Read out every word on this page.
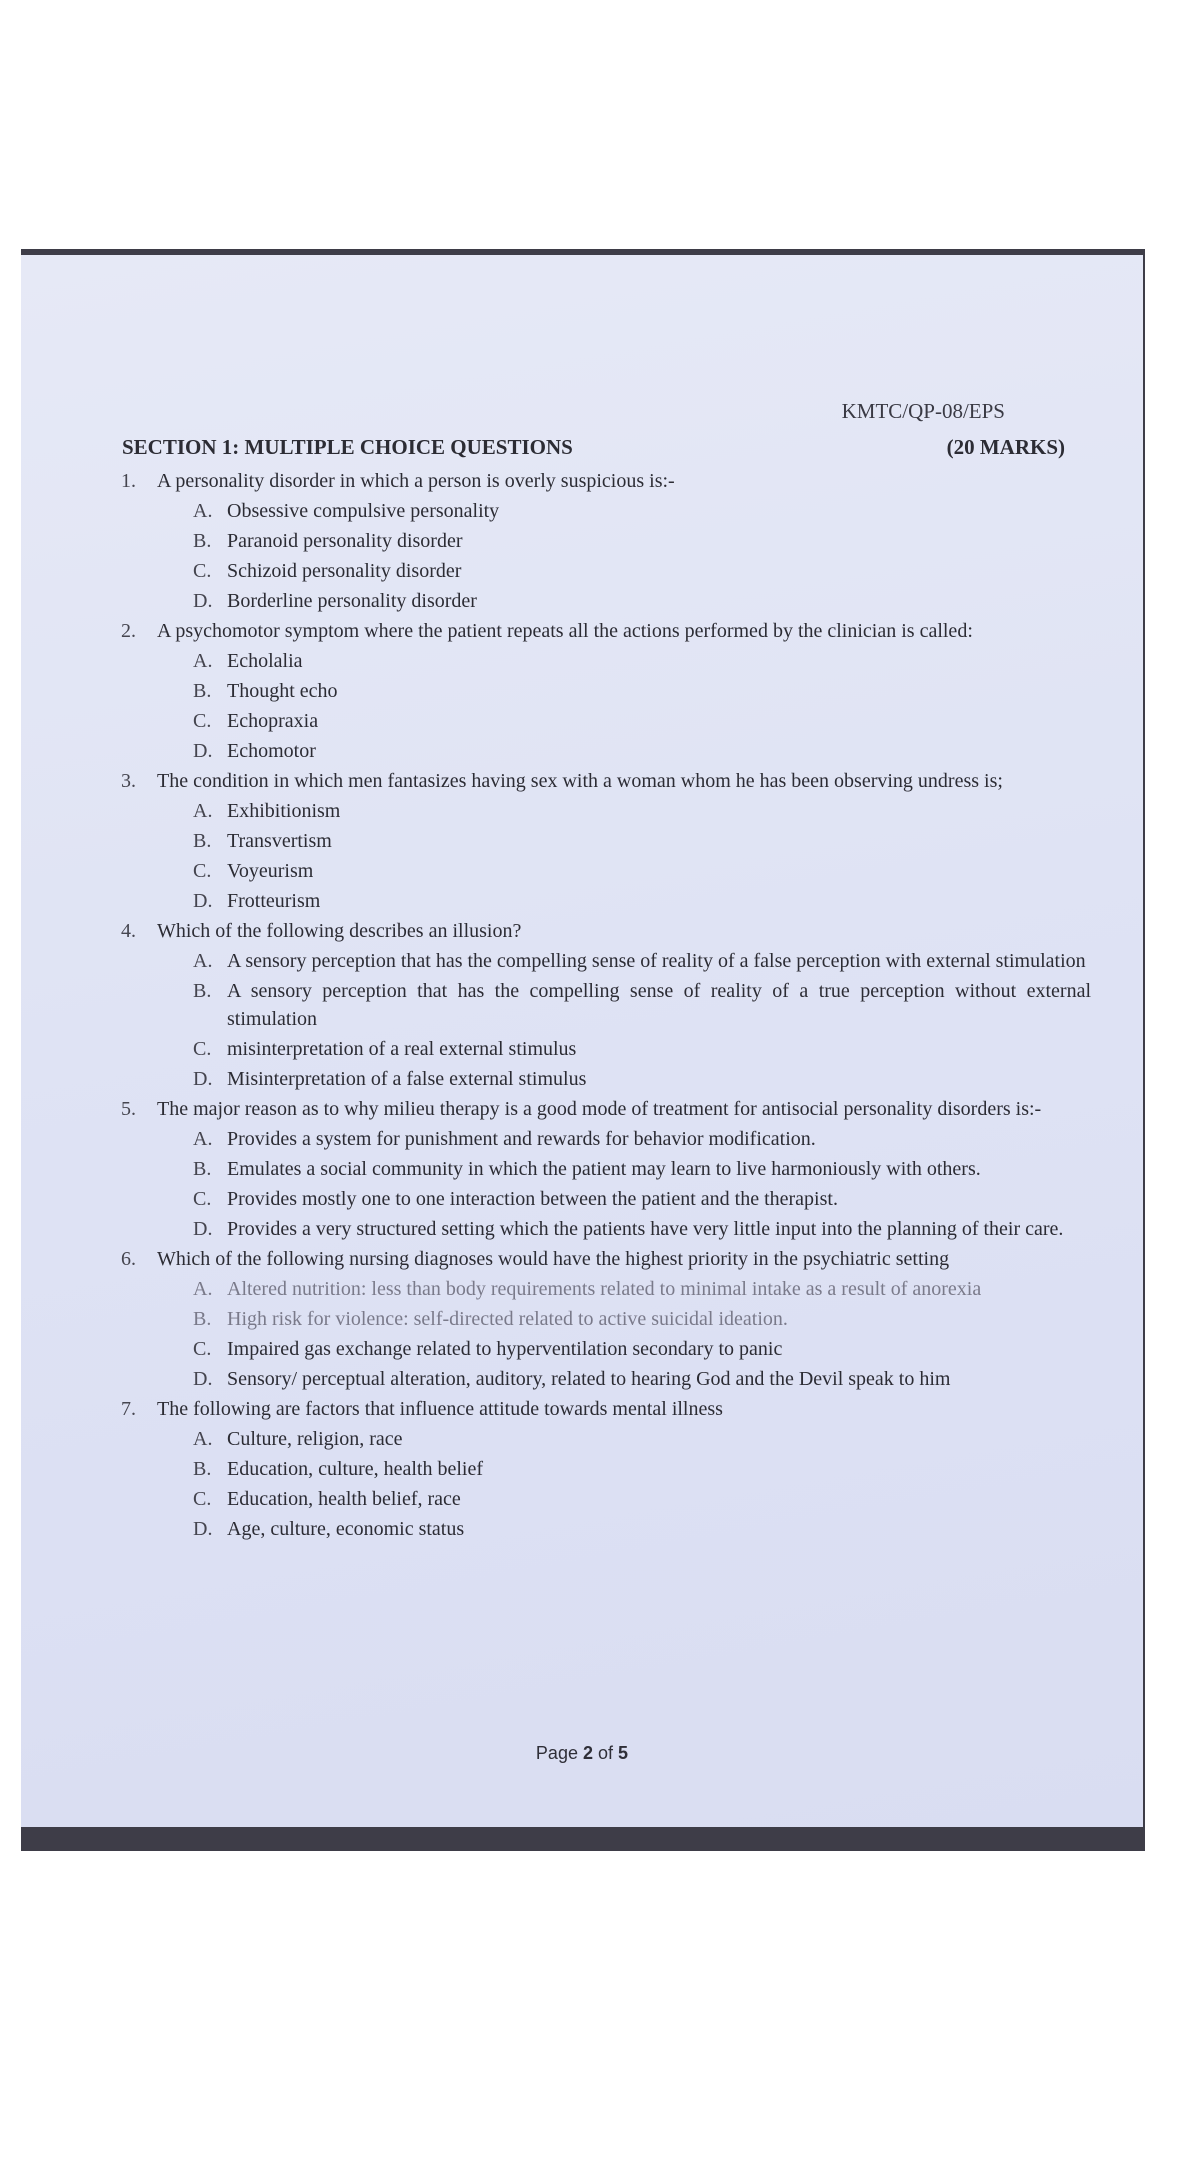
KMTC/QP-08/EPS
SECTION 1: MULTIPLE CHOICE QUESTIONS	(20 MARKS)
1.	A personality disorder in which a person is overly suspicious is:-
A. Obsessive compulsive personality
B. Paranoid personality disorder
C. Schizoid personality disorder
D. Borderline personality disorder
2.	A psychomotor symptom where the patient repeats all the actions performed by the clinician is called:
A. Echolalia
B. Thought echo
C. Echopraxia
D. Echomotor
3.	The condition in which men fantasizes having sex with a woman whom he has been observing undress is;
A. Exhibitionism
B. Transvertism
C. Voyeurism
D. Frotteurism
4.	Which of the following describes an illusion?
A. A sensory perception that has the compelling sense of reality of a false perception with external stimulation
B. A sensory perception that has the compelling sense of reality of a true perception without external stimulation
C. misinterpretation of a real external stimulus
D. Misinterpretation of a false external stimulus
5.	The major reason as to why milieu therapy is a good mode of treatment for antisocial personality disorders is:-
A. Provides a system for punishment and rewards for behavior modification.
B. Emulates a social community in which the patient may learn to live harmoniously with others.
C. Provides mostly one to one interaction between the patient and the therapist.
D. Provides a very structured setting which the patients have very little input into the planning of their care.
6.	Which of the following nursing diagnoses would have the highest priority in the psychiatric setting
A. Altered nutrition: less than body requirements related to minimal intake as a result of anorexia
B. High risk for violence: self-directed related to active suicidal ideation.
C. Impaired gas exchange related to hyperventilation secondary to panic
D. Sensory/ perceptual alteration, auditory, related to hearing God and the Devil speak to him
7.	The following are factors that influence attitude towards mental illness
A. Culture, religion, race
B. Education, culture, health belief
C. Education, health belief, race
D. Age, culture, economic status
Page 2 of 5
